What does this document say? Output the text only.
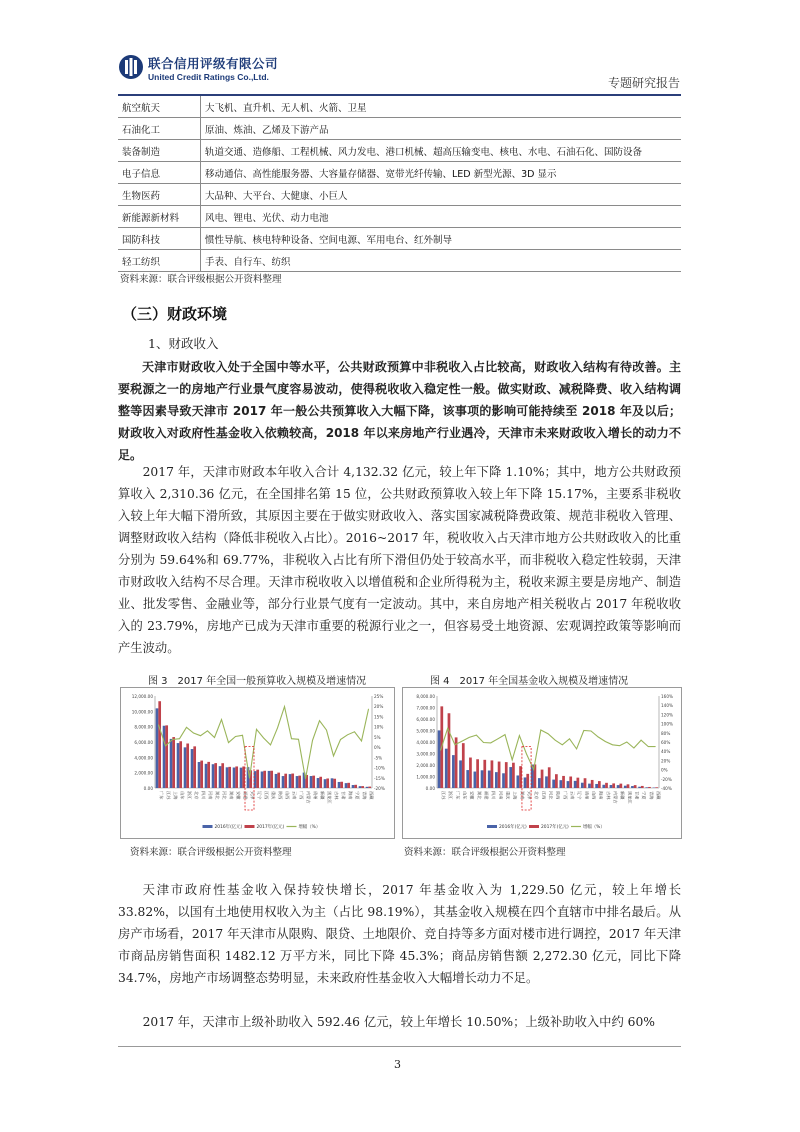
联合信用评级有限公司
United Credit Ratings Co.,Ltd.	专题研究报告
航空航天	大飞机、直升机、无人机、火箭、卫星
石油化工	原油、炼油、乙烯及下游产品
装备制造	轨道交通、造修船、工程机械、风力发电、港口机械、超高压输变电、核电、水电、石油石化、国防设备
电子信息	移动通信、高性能服务器、大容量存储器、宽带光纤传输、LED 新型光源、3D 显示
生物医药	大品种、大平台、大健康、小巨人
新能源新材料	风电、锂电、光伏、动力电池
国防科技	惯性导航、核电特种设备、空间电源、军用电台、红外制导
轻工纺织	手表、自行车、纺织
资料来源：联合评级根据公开资料整理
（三）财政环境
1、财政收入

天津市财政收入处于全国中等水平，公共财政预算中非税收入占比较高，财政收入结构有待改善。主要税源之一的房地产行业景气度容易波动，使得税收收入稳定性一般。做实财政、减税降费、收入结构调整等因素导致天津市 2017 年一般公共预算收入大幅下降，该事项的影响可能持续至 2018 年及以后；财政收入对政府性基金收入依赖较高，2018 年以来房地产行业遇冷，天津市未来财政收入增长的动力不足。

2017 年，天津市财政本年收入合计 4,132.32 亿元，较上年下降 1.10%；其中，地方公共财政预算收入 2,310.36 亿元，在全国排名第 15 位，公共财政预算收入较上年下降 15.17%，主要系非税收入较上年大幅下滑所致，其原因主要在于做实财政收入、落实国家减税降费政策、规范非税收入管理、调整财政收入结构（降低非税收入占比）。2016~2017 年，税收收入占天津市地方公共财政收入的比重分别为 59.64%和 69.77%，非税收入占比有所下滑但仍处于较高水平，而非税收入稳定性较弱，天津市财政收入结构不尽合理。天津市税收收入以增值税和企业所得税为主，税收来源主要是房地产、制造业、批发零售、金融业等，部分行业景气度有一定波动。其中，来自房地产相关税收占 2017 年税收收入的 23.79%，房地产已成为天津市重要的税源行业之一，但容易受土地资源、宏观调控政策等影响而产生波动。

图 3　2017 年全国一般预算收入规模及增速情况	图 4　2017 年全国基金收入规模及增速情况
12,000.00
10,000.00
8,000.00
6,000.00
4,000.00
2,000.00
0.00
25%
20%
15%
10%
5%
0%
-5%
-10%
-15%
-20%
广东 江苏 上海 山东 浙江 北京 四川 河南 湖北 河北 湖南 安徽 福建 天津 辽宁 江西 重庆 陕西 山西 云南 广西 内蒙古 贵州 新疆 黑龙江 吉林 甘肃 海南 宁夏 青海 西藏
2016年(亿元)	2017年(亿元)	增幅（%）
8,000.00
7,000.00
6,000.00
5,000.00
4,000.00
3,000.00
2,000.00
1,000.00
0.00
160%
140%
120%
100%
80%
60%
40%
20%
0%
-20%
-40%
江苏 浙江 广东 山东 安徽 湖北 福建 四川 河南 重庆 上海 湖南 天津 北京 江西 河北 陕西 广西 云南 辽宁 贵州 山西 海南 吉林 内蒙古 新疆 黑龙江 甘肃 宁夏 青海 西藏
2016年(亿元)	2017年(亿元)	增幅（%）
资料来源：联合评级根据公开资料整理	资料来源：联合评级根据公开资料整理

天津市政府性基金收入保持较快增长，2017 年基金收入为 1,229.50 亿元，较上年增长 33.82%，以国有土地使用权收入为主（占比 98.19%），其基金收入规模在四个直辖市中排名最后。从房产市场看，2017 年天津市从限购、限贷、土地限价、竞自持等多方面对楼市进行调控，2017 年天津市商品房销售面积 1482.12 万平方米，同比下降 45.3%；商品房销售额 2,272.30 亿元，同比下降 34.7%，房地产市场调整态势明显，未来政府性基金收入大幅增长动力不足。

2017 年，天津市上级补助收入 592.46 亿元，较上年增长 10.50%；上级补助收入中约 60%

3
